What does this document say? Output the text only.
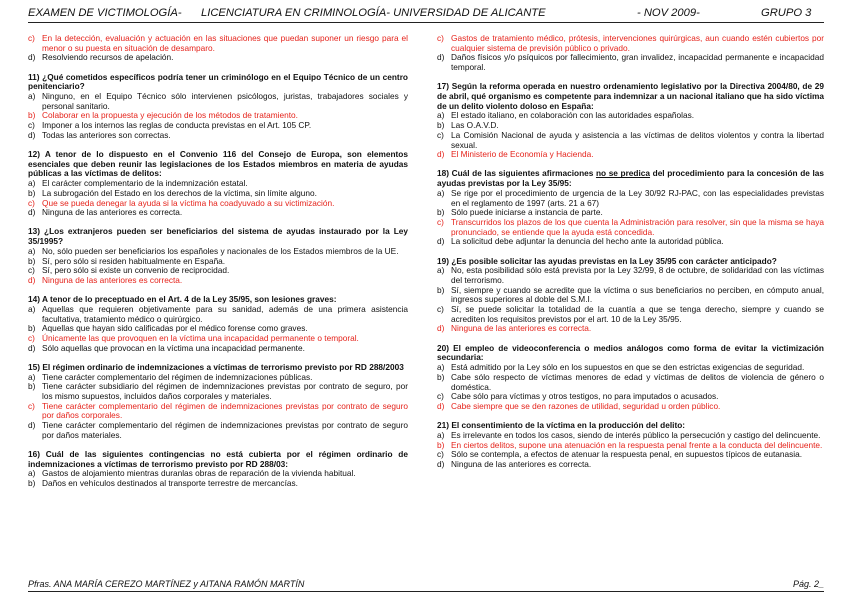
EXAMEN DE VICTIMOLOGÍA- LICENCIATURA EN CRIMINOLOGÍA- UNIVERSIDAD DE ALICANTE	- NOV 2009-	GRUPO 3
c) En la detección, evaluación y actuación en las situaciones que puedan suponer un riesgo para el menor o su puesta en situación de desamparo.
d) Resolviendo recursos de apelación.
11) ¿Qué cometidos específicos podría tener un criminólogo en el Equipo Técnico de un centro penitenciario?
a) Ninguno, en el Equipo Técnico sólo intervienen psicólogos, juristas, trabajadores sociales y personal sanitario.
b) Colaborar en la propuesta y ejecución de los métodos de tratamiento.
c) Imponer a los internos las reglas de conducta previstas en el Art. 105 CP.
d) Todas las anteriores son correctas.
12) A tenor de lo dispuesto en el Convenio 116 del Consejo de Europa, son elementos esenciales que deben reunir las legislaciones de los Estados miembros en materia de ayudas públicas a las víctimas de delitos:
a) El carácter complementario de la indemnización estatal.
b) La subrogación del Estado en los derechos de la víctima, sin límite alguno.
c) Que se pueda denegar la ayuda si la víctima ha coadyuvado a su victimización.
d) Ninguna de las anteriores es correcta.
13) ¿Los extranjeros pueden ser beneficiarios del sistema de ayudas instaurado por la Ley 35/1995?
a) No, sólo pueden ser beneficiarios los españoles y nacionales de los Estados miembros de la UE.
b) Sí, pero sólo si residen habitualmente en España.
c) Sí, pero sólo si existe un convenio de reciprocidad.
d) Ninguna de las anteriores es correcta.
14) A tenor de lo preceptuado en el Art. 4 de la Ley 35/95, son lesiones graves:
a) Aquellas que requieren objetivamente para su sanidad, además de una primera asistencia facultativa, tratamiento médico o quirúrgico.
b) Aquellas que hayan sido calificadas por el médico forense como graves.
c) Únicamente las que provoquen en la víctima una incapacidad permanente o temporal.
d) Sólo aquellas que provocan en la víctima una incapacidad permanente.
15) El régimen ordinario de indemnizaciones a víctimas de terrorismo previsto por RD 288/2003
a) Tiene carácter complementario del régimen de indemnizaciones públicas.
b) Tiene carácter subsidiario del régimen de indemnizaciones previstas por contrato de seguro, por los mismo supuestos, incluidos daños corporales y materiales.
c) Tiene carácter complementario del régimen de indemnizaciones previstas por contrato de seguro por daños corporales.
d) Tiene carácter complementario del régimen de indemnizaciones previstas por contrato de seguro por daños materiales.
16) Cuál de las siguientes contingencias no está cubierta por el régimen ordinario de indemnizaciones a víctimas de terrorismo previsto por RD 288/03:
a) Gastos de alojamiento mientras duranlas obras de reparación de la vivienda habitual.
b) Daños en vehículos destinados al transporte terrestre de mercancías.
c) Gastos de tratamiento médico, prótesis, intervenciones quirúrgicas, aun cuando estén cubiertos por cualquier sistema de previsión público o privado.
d) Daños físicos y/o psíquicos por fallecimiento, gran invalidez, incapacidad permanente e incapacidad temporal.
17) Según la reforma operada en nuestro ordenamiento legislativo por la Directiva 2004/80, de 29 de abril, qué organismo es competente para indemnizar a un nacional italiano que ha sido víctima de un delito violento doloso en España:
a) El estado italiano, en colaboración con las autoridades españolas.
b) Las O.A.V.D.
c) La Comisión Nacional de ayuda y asistencia a las víctimas de delitos violentos y contra la libertad sexual.
d) El Ministerio de Economía y Hacienda.
18) Cuál de las siguientes afirmaciones no se predica del procedimiento para la concesión de las ayudas previstas por la Ley 35/95:
a) Se rige por el procedimiento de urgencia de la Ley 30/92 RJ-PAC, con las especialidades previstas en el reglamento de 1997 (arts. 21 a 67)
b) Sólo puede iniciarse a instancia de parte.
c) Transcurridos los plazos de los que cuenta la Administración para resolver, sin que la misma se haya pronunciado, se entiende que la ayuda está concedida.
d) La solicitud debe adjuntar la denuncia del hecho ante la autoridad pública.
19) ¿Es posible solicitar las ayudas previstas en la Ley 35/95 con carácter anticipado?
a) No, esta posibilidad sólo está prevista por la Ley 32/99, 8 de octubre, de solidaridad con las víctimas del terrorismo.
b) Sí, siempre y cuando se acredite que la víctima o sus beneficiarios no perciben, en cómputo anual, ingresos superiores al doble del S.M.I.
c) Sí, se puede solicitar la totalidad de la cuantía a que se tenga derecho, siempre y cuando se acrediten los requisitos previstos por el art. 10 de la Ley 35/95.
d) Ninguna de las anteriores es correcta.
20) El empleo de videoconferencia o medios análogos como forma de evitar la victimización secundaria:
a) Está admitido por la Ley sólo en los supuestos en que se den estrictas exigencias de seguridad.
b) Cabe sólo respecto de víctimas menores de edad y víctimas de delitos de violencia de género o doméstica.
c) Cabe sólo para víctimas y otros testigos, no para imputados o acusados.
d) Cabe siempre que se den razones de utilidad, seguridad u orden público.
21) El consentimiento de la víctima en la producción del delito:
a) Es irrelevante en todos los casos, siendo de interés público la persecución y castigo del delincuente.
b) En ciertos delitos, supone una atenuación en la respuesta penal frente a la conducta del delincuente.
c) Sólo se contempla, a efectos de atenuar la respuesta penal, en supuestos típicos de eutanasia.
d) Ninguna de las anteriores es correcta.
Pfras. ANA MARÍA CEREZO MARTÍNEZ y AITANA RAMÓN MARTÍN	Pág. 2_
